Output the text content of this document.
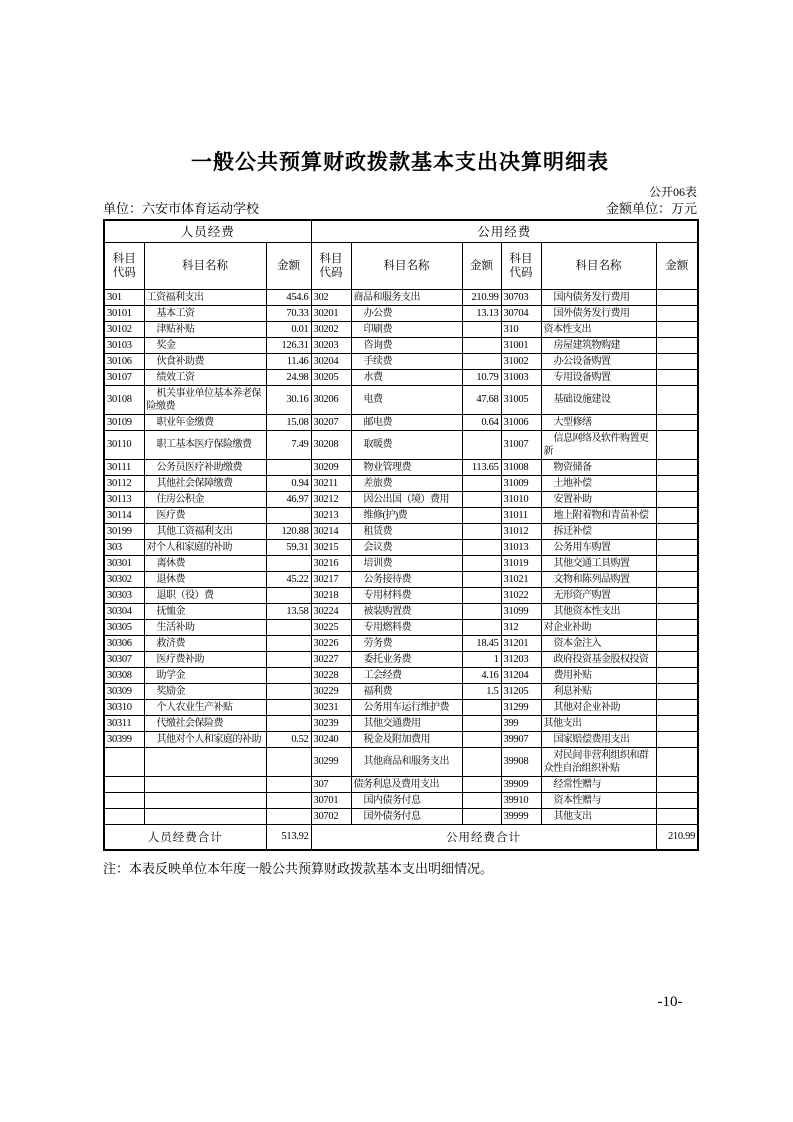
一般公共预算财政拨款基本支出决算明细表
公开06表
单位：六安市体育运动学校	金额单位：万元
人员经费			公用经费					
科目代码	科目名称	金额	科目代码	科目名称	金额	科目代码	科目名称	金额
301	工资福利支出	454.6	302	商品和服务支出	210.99	30703	国内债务发行费用	
30101	基本工资	70.33	30201	办公费	13.13	30704	国外债务发行费用	
30102	津贴补贴	0.01	30202	印刷费		310	资本性支出	
30103	奖金	126.31	30203	咨询费		31001	房屋建筑物购建	
30106	伙食补助费	11.46	30204	手续费		31002	办公设备购置	
30107	绩效工资	24.98	30205	水费	10.79	31003	专用设备购置	
30108	机关事业单位基本养老保险缴费	30.16	30206	电费	47.68	31005	基础设施建设	
30109	职业年金缴费	15.08	30207	邮电费	0.64	31006	大型修缮	
30110	职工基本医疗保险缴费	7.49	30208	取暖费		31007	信息网络及软件购置更新	
30111	公务员医疗补助缴费		30209	物业管理费	113.65	31008	物资储备	
30112	其他社会保障缴费	0.94	30211	差旅费		31009	土地补偿	
30113	住房公积金	46.97	30212	因公出国（境）费用		31010	安置补助	
30114	医疗费		30213	维修(护)费		31011	地上附着物和青苗补偿	
30199	其他工资福利支出	120.88	30214	租赁费		31012	拆迁补偿	
303	对个人和家庭的补助	59.31	30215	会议费		31013	公务用车购置	
30301	离休费		30216	培训费		31019	其他交通工具购置	
30302	退休费	45.22	30217	公务接待费		31021	文物和陈列品购置	
30303	退职（役）费		30218	专用材料费		31022	无形资产购置	
30304	抚恤金	13.58	30224	被装购置费		31099	其他资本性支出	
30305	生活补助		30225	专用燃料费		312	对企业补助	
30306	救济费		30226	劳务费	18.45	31201	资本金注入	
30307	医疗费补助		30227	委托业务费	1	31203	政府投资基金股权投资	
30308	助学金		30228	工会经费	4.16	31204	费用补贴	
30309	奖励金		30229	福利费	1.5	31205	利息补贴	
30310	个人农业生产补贴		30231	公务用车运行维护费		31299	其他对企业补助	
30311	代缴社会保险费		30239	其他交通费用		399	其他支出	
30399	其他对个人和家庭的补助	0.52	30240	税金及附加费用		39907	国家赔偿费用支出	
			30299	其他商品和服务支出		39908	对民间非营利组织和群众性自治组织补贴	
			307	债务利息及费用支出		39909	经常性赠与	
			30701	国内债务付息		39910	资本性赠与	
			30702	国外债务付息		39999	其他支出	
人员经费合计		513.92	公用经费合计					210.99
注：本表反映单位本年度一般公共预算财政拨款基本支出明细情况。
-10-
